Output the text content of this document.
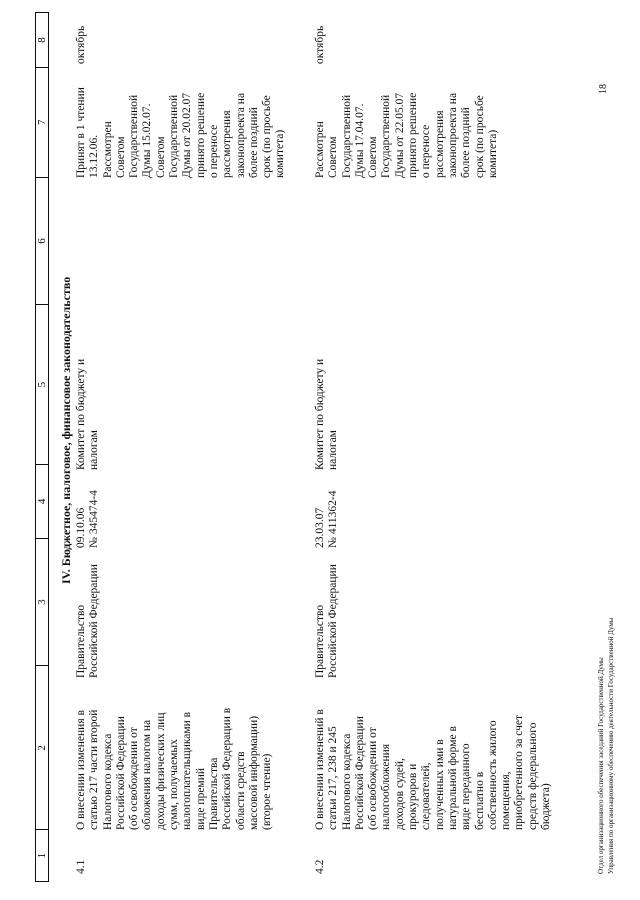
1
2
3
4
5
6
7
8
IV. Бюджетное, налоговое, финансовое законодательство
4.1
О внесении изменения в
статью 217 части второй
Налогового кодекса
Российской Федерации
(об освобождении от
обложения налогом на
доходы физических лиц
сумм, получаемых
налогоплательщиками в
виде премий
Правительства
Российской Федерации в
области средств
массовой информации)
(второе чтение)
Правительство
Российской Федерации
09.10.06
№ 345474-4
Комитет по бюджету и
налогам
Принят в 1 чтении
13.12.06.
Рассмотрен
Советом
Государственной
Думы 15.02.07.
Советом
Государственной
Думы от 20.02.07
принято решение
о переносе
рассмотрения
законопроекта на
более поздний
срок (по просьбе
комитета)
октябрь
4.2
О внесении изменений в
статьи 217, 238 и 245
Налогового кодекса
Российской Федерации
(об освобождении от
налогообложения
доходов судей,
прокуроров и
следователей,
полученных ими в
натуральной форме в
виде переданного
бесплатно в
собственность жилого
помещения,
приобретенного за счет
средств федерального
бюджета)
Правительство
Российской Федерации
23.03.07
№ 411362-4
Комитет по бюджету и
налогам
Рассмотрен
Советом
Государственной
Думы 17.04.07.
Советом
Государственной
Думы от 22.05.07
принято решение
о переносе
рассмотрения
законопроекта на
более поздний
срок (по просьбе
комитета)
октябрь
Отдел организационного обеспечения заседаний Государственной Думы Управления по организационному обеспечению деятельности Государственной Думы
18
